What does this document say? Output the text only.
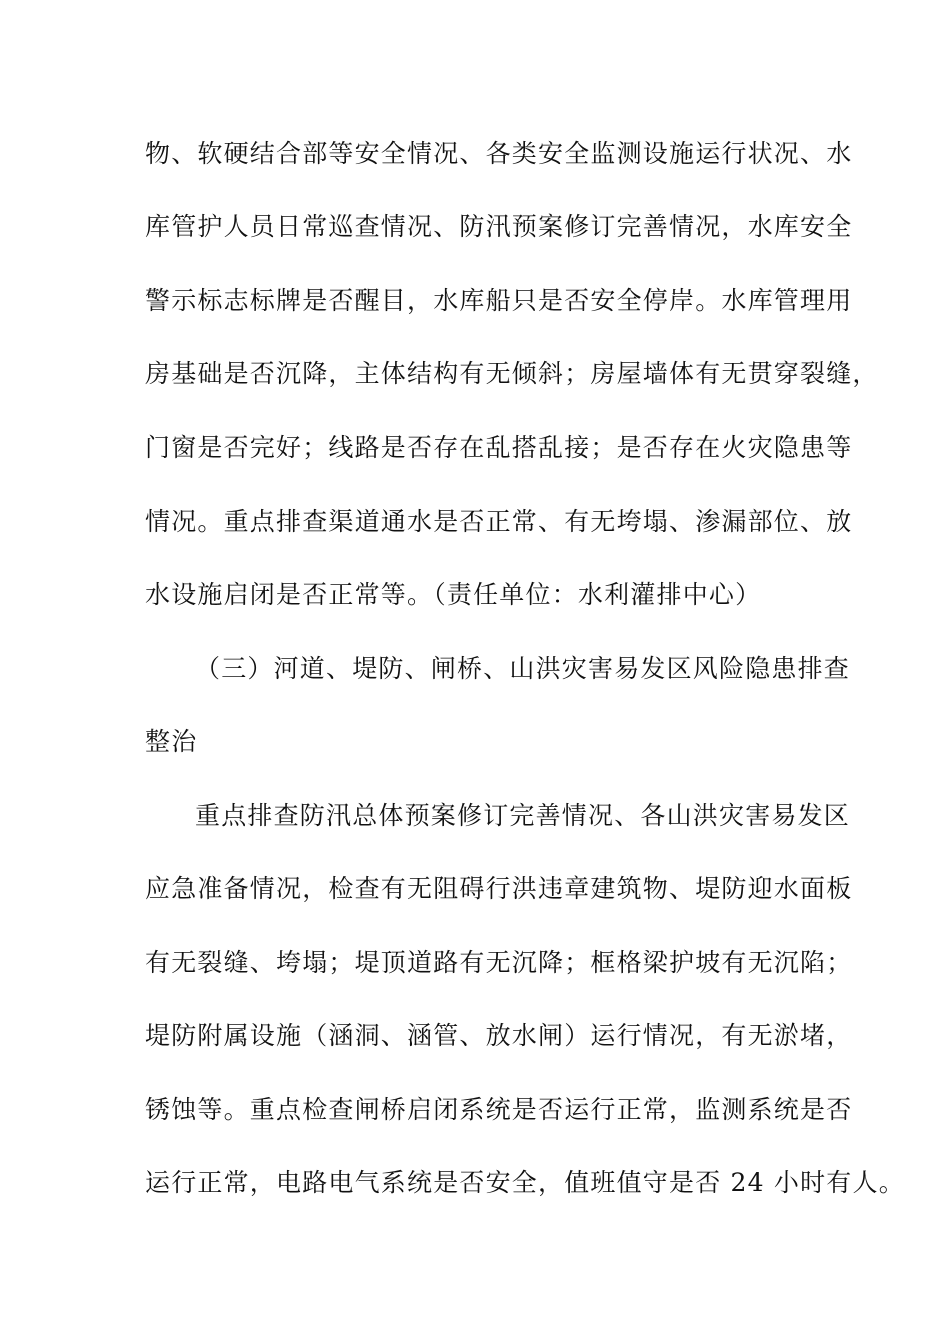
物、软硬结合部等安全情况、各类安全监测设施运行状况、水
库管护人员日常巡查情况、防汛预案修订完善情况，水库安全
警示标志标牌是否醒目，水库船只是否安全停岸。水库管理用
房基础是否沉降，主体结构有无倾斜；房屋墙体有无贯穿裂缝，
门窗是否完好；线路是否存在乱搭乱接；是否存在火灾隐患等
情况。重点排查渠道通水是否正常、有无垮塌、渗漏部位、放
水设施启闭是否正常等。（责任单位：水利灌排中心）
（三）河道、堤防、闸桥、山洪灾害易发区风险隐患排查
整治
重点排查防汛总体预案修订完善情况、各山洪灾害易发区
应急准备情况，检查有无阻碍行洪违章建筑物、堤防迎水面板
有无裂缝、垮塌；堤顶道路有无沉降；框格梁护坡有无沉陷；
堤防附属设施（涵洞、涵管、放水闸）运行情况，有无淤堵，
锈蚀等。重点检查闸桥启闭系统是否运行正常，监测系统是否
运行正常，电路电气系统是否安全，值班值守是否 24 小时有人。
